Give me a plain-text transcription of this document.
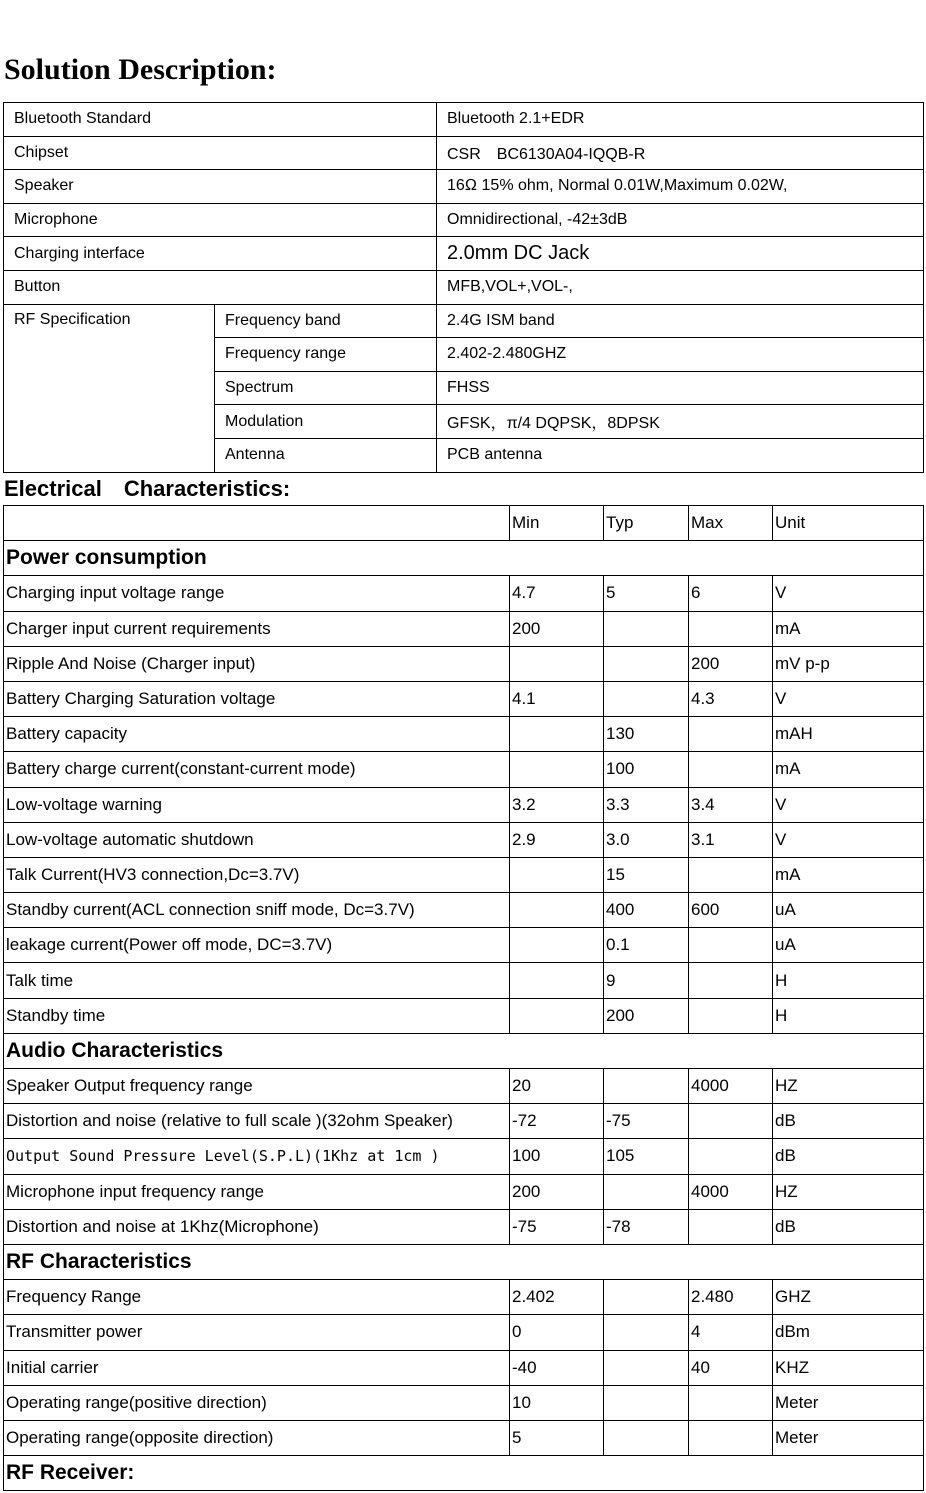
Solution Description:
Bluetooth Standard		Bluetooth 2.1+EDR
Chipset		CSR　BC6130A04-IQQB-R
Speaker		16Ω 15% ohm, Normal 0.01W,Maximum 0.02W,
Microphone		Omnidirectional, -42±3dB
Charging interface		2.0mm DC Jack
Button		MFB,VOL+,VOL-,
RF Specification	Frequency band	2.4G ISM band
	Frequency range	2.402-2.480GHZ
	Spectrum	FHSS
	Modulation	GFSK，π/4 DQPSK，8DPSK
	Antenna	PCB antenna
Electrical　Characteristics:
	Min	Typ	Max	Unit
Power consumption				
Charging input voltage range	4.7	5	6	V
Charger input current requirements	200			mA
Ripple And Noise (Charger input)			200	mV p-p
Battery Charging Saturation voltage	4.1		4.3	V
Battery capacity		130		mAH
Battery charge current(constant-current mode)		100		mA
Low-voltage warning	3.2	3.3	3.4	V
Low-voltage automatic shutdown	2.9	3.0	3.1	V
Talk Current(HV3 connection,Dc=3.7V)		15		mA
Standby current(ACL connection sniff mode, Dc=3.7V)		400	600	uA
leakage current(Power off mode, DC=3.7V)		0.1		uA
Talk time		9		H
Standby time		200		H
Audio Characteristics				
Speaker Output frequency range	20		4000	HZ
Distortion and noise (relative to full scale )(32ohm Speaker)	-72	-75		dB
Output Sound Pressure Level(S.P.L)(1Khz at 1cm )	100	105		dB
Microphone input frequency range	200		4000	HZ
Distortion and noise at 1Khz(Microphone)	-75	-78		dB
RF Characteristics				
Frequency Range	2.402		2.480	GHZ
Transmitter power	0		4	dBm
Initial carrier	-40		40	KHZ
Operating range(positive direction)	10			Meter
Operating range(opposite direction)	5			Meter
RF Receiver:				
